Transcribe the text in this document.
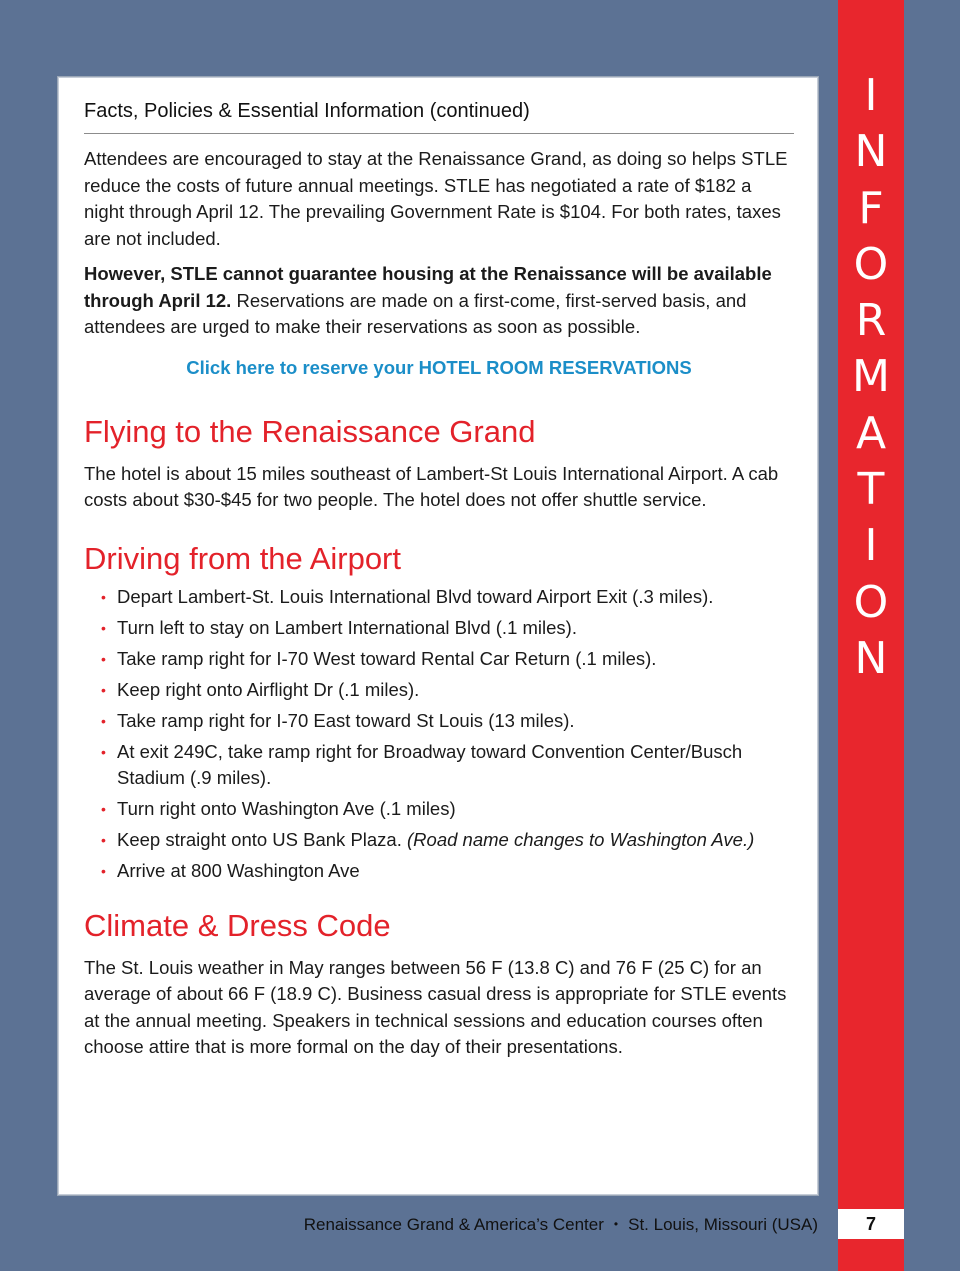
Facts, Policies & Essential Information (continued)

Attendees are encouraged to stay at the Renaissance Grand, as doing so helps STLE reduce the costs of future annual meetings. STLE has negotiated a rate of $182 a night through April 12. The prevailing Government Rate is $104. For both rates, taxes are not included.

However, STLE cannot guarantee housing at the Renaissance will be available through April 12. Reservations are made on a first-come, first-served basis, and attendees are urged to make their reservations as soon as possible.

Click here to reserve your HOTEL ROOM RESERVATIONS
Flying to the Renaissance Grand

The hotel is about 15 miles southeast of Lambert-St Louis International Airport. A cab costs about $30-$45 for two people. The hotel does not offer shuttle service.

Driving from the Airport
• Depart Lambert-St. Louis International Blvd toward Airport Exit (.3 miles).
• Turn left to stay on Lambert International Blvd (.1 miles).
• Take ramp right for I-70 West toward Rental Car Return (.1 miles).
• Keep right onto Airflight Dr (.1 miles).
• Take ramp right for I-70 East toward St Louis (13 miles).
• At exit 249C, take ramp right for Broadway toward Convention Center/Busch Stadium (.9 miles).
• Turn right onto Washington Ave (.1 miles)
• Keep straight onto US Bank Plaza. (Road name changes to Washington Ave.)
• Arrive at 800 Washington Ave
Climate & Dress Code

The St. Louis weather in May ranges between 56 F (13.8 C) and 76 F (25 C) for an average of about 66 F (18.9 C). Business casual dress is appropriate for STLE events at the annual meeting. Speakers in technical sessions and education courses often choose attire that is more formal on the day of their presentations.

I
N
F
O
R
M
A
T
I
O
N
Renaissance Grand & America’s Center • St. Louis, Missouri (USA)	7
